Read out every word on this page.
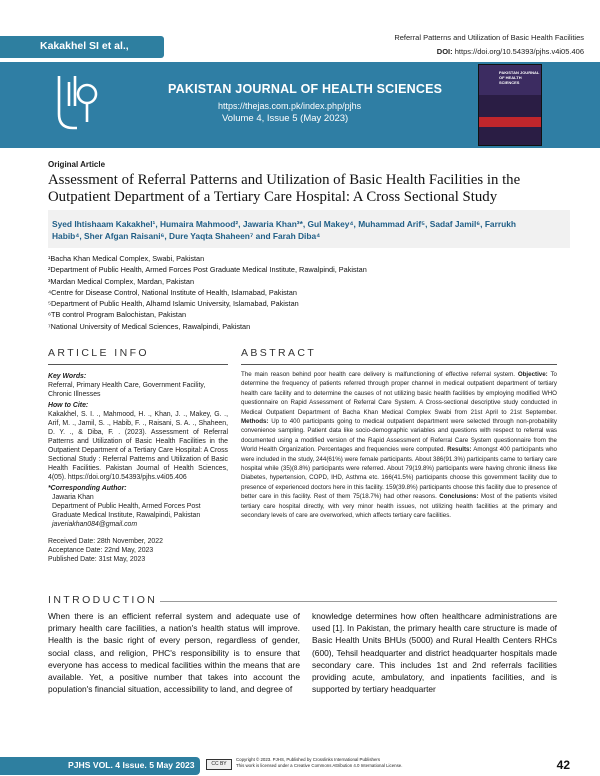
Kakakhel SI et al.,
Referral Patterns and Utilization of Basic Health Facilities
DOI: https://doi.org/10.54393/pjhs.v4i05.406
PAKISTAN JOURNAL OF HEALTH SCIENCES
https://thejas.com.pk/index.php/pjhs
Volume 4, Issue 5 (May 2023)
PAKISTAN JOURNAL OF HEALTH SCIENCES
Original Article
Assessment of Referral Patterns and Utilization of Basic Health Facilities in the Outpatient Department of a Tertiary Care Hospital: A Cross Sectional Study
Syed Ihtishaam Kakakhel¹, Humaira Mahmood², Jawaria Khan³*, Gul Makey⁴, Muhammad Arif⁵, Sadaf Jamil⁶, Farrukh
Habib⁴, Sher Afgan Raisani⁶, Dure Yaqta Shaheen⁷ and Farah Diba⁴
¹Bacha Khan Medical Complex, Swabi, Pakistan
²Department of Public Health, Armed Forces Post Graduate Medical Institute, Rawalpindi, Pakistan
³Mardan Medical Complex, Mardan, Pakistan
⁴Centre for Disease Control, National Institute of Health, Islamabad, Pakistan
⁵Department of Public Health, Alhamd Islamic University, Islamabad, Pakistan
⁶TB control Program Balochistan, Pakistan
⁷National University of Medical Sciences, Rawalpindi, Pakistan
ARTICLE INFO	ABSTRACT

Key Words:

Referral, Primary Health Care, Government Facility, Chronic Illnesses

How to Cite:

Kakakhel, S. I. ., Mahmood, H. ., Khan, J. ., Makey, G. ., Arif, M. ., Jamil, S. ., Habib, F. ., Raisani, S. A. ., Shaheen, D. Y. ., & Diba, F. . (2023). Assessment of Referral Patterns and Utilization of Basic Health Facilities in the Outpatient Department of a Tertiary Care Hospital: A Cross Sectional Study : Referral Patterns and Utilization of Basic Health Facilities. Pakistan Journal of Health Sciences, 4(05). https://doi.org/10.54393/pjhs.v4i05.406

*Corresponding Author:

Jawaria Khan

Department of Public Health, Armed Forces Post Graduate Medical Institute, Rawalpindi, Pakistan

javeriakhan084@gmail.com

Received Date: 28th November, 2022

Acceptance Date: 22nd May, 2023

Published Date: 31st May, 2023

The main reason behind poor health care delivery is malfunctioning of effective referral system. Objective: To determine the frequency of patients referred through proper channel in medical outpatient department of tertiary health care facility and to determine the causes of not utilizing basic health facilities by employing modified WHO questionnaire on Rapid Assessment of Referral Care System. A Cross-sectional descriptive study conducted in Medical Outpatient Department of Bacha Khan Medical Complex Swabi from 21st April to 21st September. Methods: Up to 400 participants going to medical outpatient department were selected through non-probability convenience sampling. Patient data like socio-demographic variables and questions with respect to referral was documented using a modified version of the Rapid Assessment of Referral Care System questionnaire from the World Health Organization. Percentages and frequencies were computed. Results: Amongst 400 participants who were included in the study, 244(61%) were female participants. About 386(91.3%) participants came to tertiary care hospital while (35)(8.8%) participants were referred. About 79(19.8%) participants were having chronic illness like Diabetes, hypertension, COPD, IHD, Asthma etc. 166(41.5%) participants choose this government facility due to presence of experienced doctors here in this facility. 159(39.8%) participants choose this facility due to presence of better care in this facility. Rest of them 75(18.7%) had other reasons. Conclusions: Most of the patients visited tertiary care hospital directly, with very minor health issues, not utilizing health facilities at the primary and secondary levels of care are overworked, which affects tertiary care facilities.
INTRODUCTION
When there is an efficient referral system and adequate use of primary health care facilities, a nation's health status will improve. Health is the basic right of every person, regardless of gender, social class, and religion, PHC's responsibility is to ensure that everyone has access to medical facilities within the means that are available. Yet, a positive number that takes into account the population's financial situation, accessibility to land, and degree of
knowledge determines how often healthcare administrations are used [1]. In Pakistan, the primary health care structure is made of Basic Health Units BHUs (5000) and Rural Health Centers RHCs (600), Tehsil headquarter and district headquarter hospitals made secondary care. This includes 1st and 2nd referrals facilities providing acute, ambulatory, and inpatients facilities, and is supported by tertiary headquarter
PJHS VOL. 4 Issue. 5 May 2023	CC BY
Copyright © 2023. PJHS, Published by Crosslinks International Publishers
This work is licensed under a Creative Commons Attribution 4.0 International License.	42
